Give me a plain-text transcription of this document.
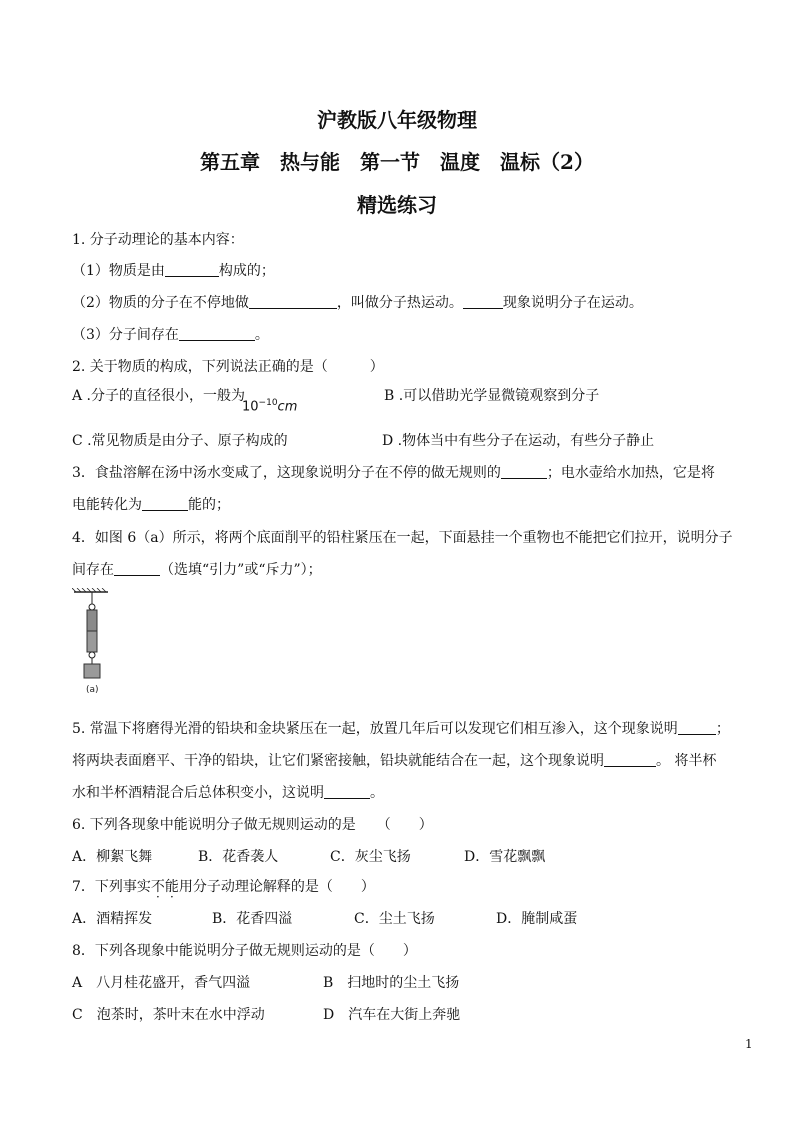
沪教版八年级物理
第五章　热与能　第一节　温度　温标（2）
精选练习
1. 分子动理论的基本内容：
（1）物质是由	构成的；
（2）物质的分子在不停地做	，叫做分子热运动。	现象说明分子在运动。
（3）分子间存在	。
2. 关于物质的构成，下列说法正确的是（　　　）
A .分子的直径很小，一般为
$10^{-10}cm$
B .可以借助光学显微镜观察到分子
C .常见物质是由分子、原子构成的	D .物体当中有些分子在运动，有些分子静止
3．食盐溶解在汤中汤水变咸了，这现象说明分子在不停的做无规则的	；电水壶给水加热，它是将
电能转化为	能的；
4．如图 6（a）所示，将两个底面削平的铅柱紧压在一起，下面悬挂一个重物也不能把它们拉开，说明分子
间存在	（选填“引力”或“斥力”）；
(a)
5. 常温下将磨得光滑的铅块和金块紧压在一起，放置几年后可以发现它们相互渗入，这个现象说明	；
将两块表面磨平、干净的铅块，让它们紧密接触，铅块就能结合在一起，这个现象说明	。 将半杯
水和半杯酒精混合后总体积变小，这说明	。
6. 下列各现象中能说明分子做无规则运动的是　　（　　）
A．柳絮飞舞	B．花香袭人	C．灰尘飞扬	D．雪花飘飘
7．下列事实不能用分子动理论解释的是（　　）
A．酒精挥发	B．花香四溢	C．尘土飞扬	D．腌制咸蛋
8．下列各现象中能说明分子做无规则运动的是（　　）
A　八月桂花盛开，香气四溢	B　扫地时的尘土飞扬
C　泡茶时，茶叶末在水中浮动	D　汽车在大街上奔驰
1
